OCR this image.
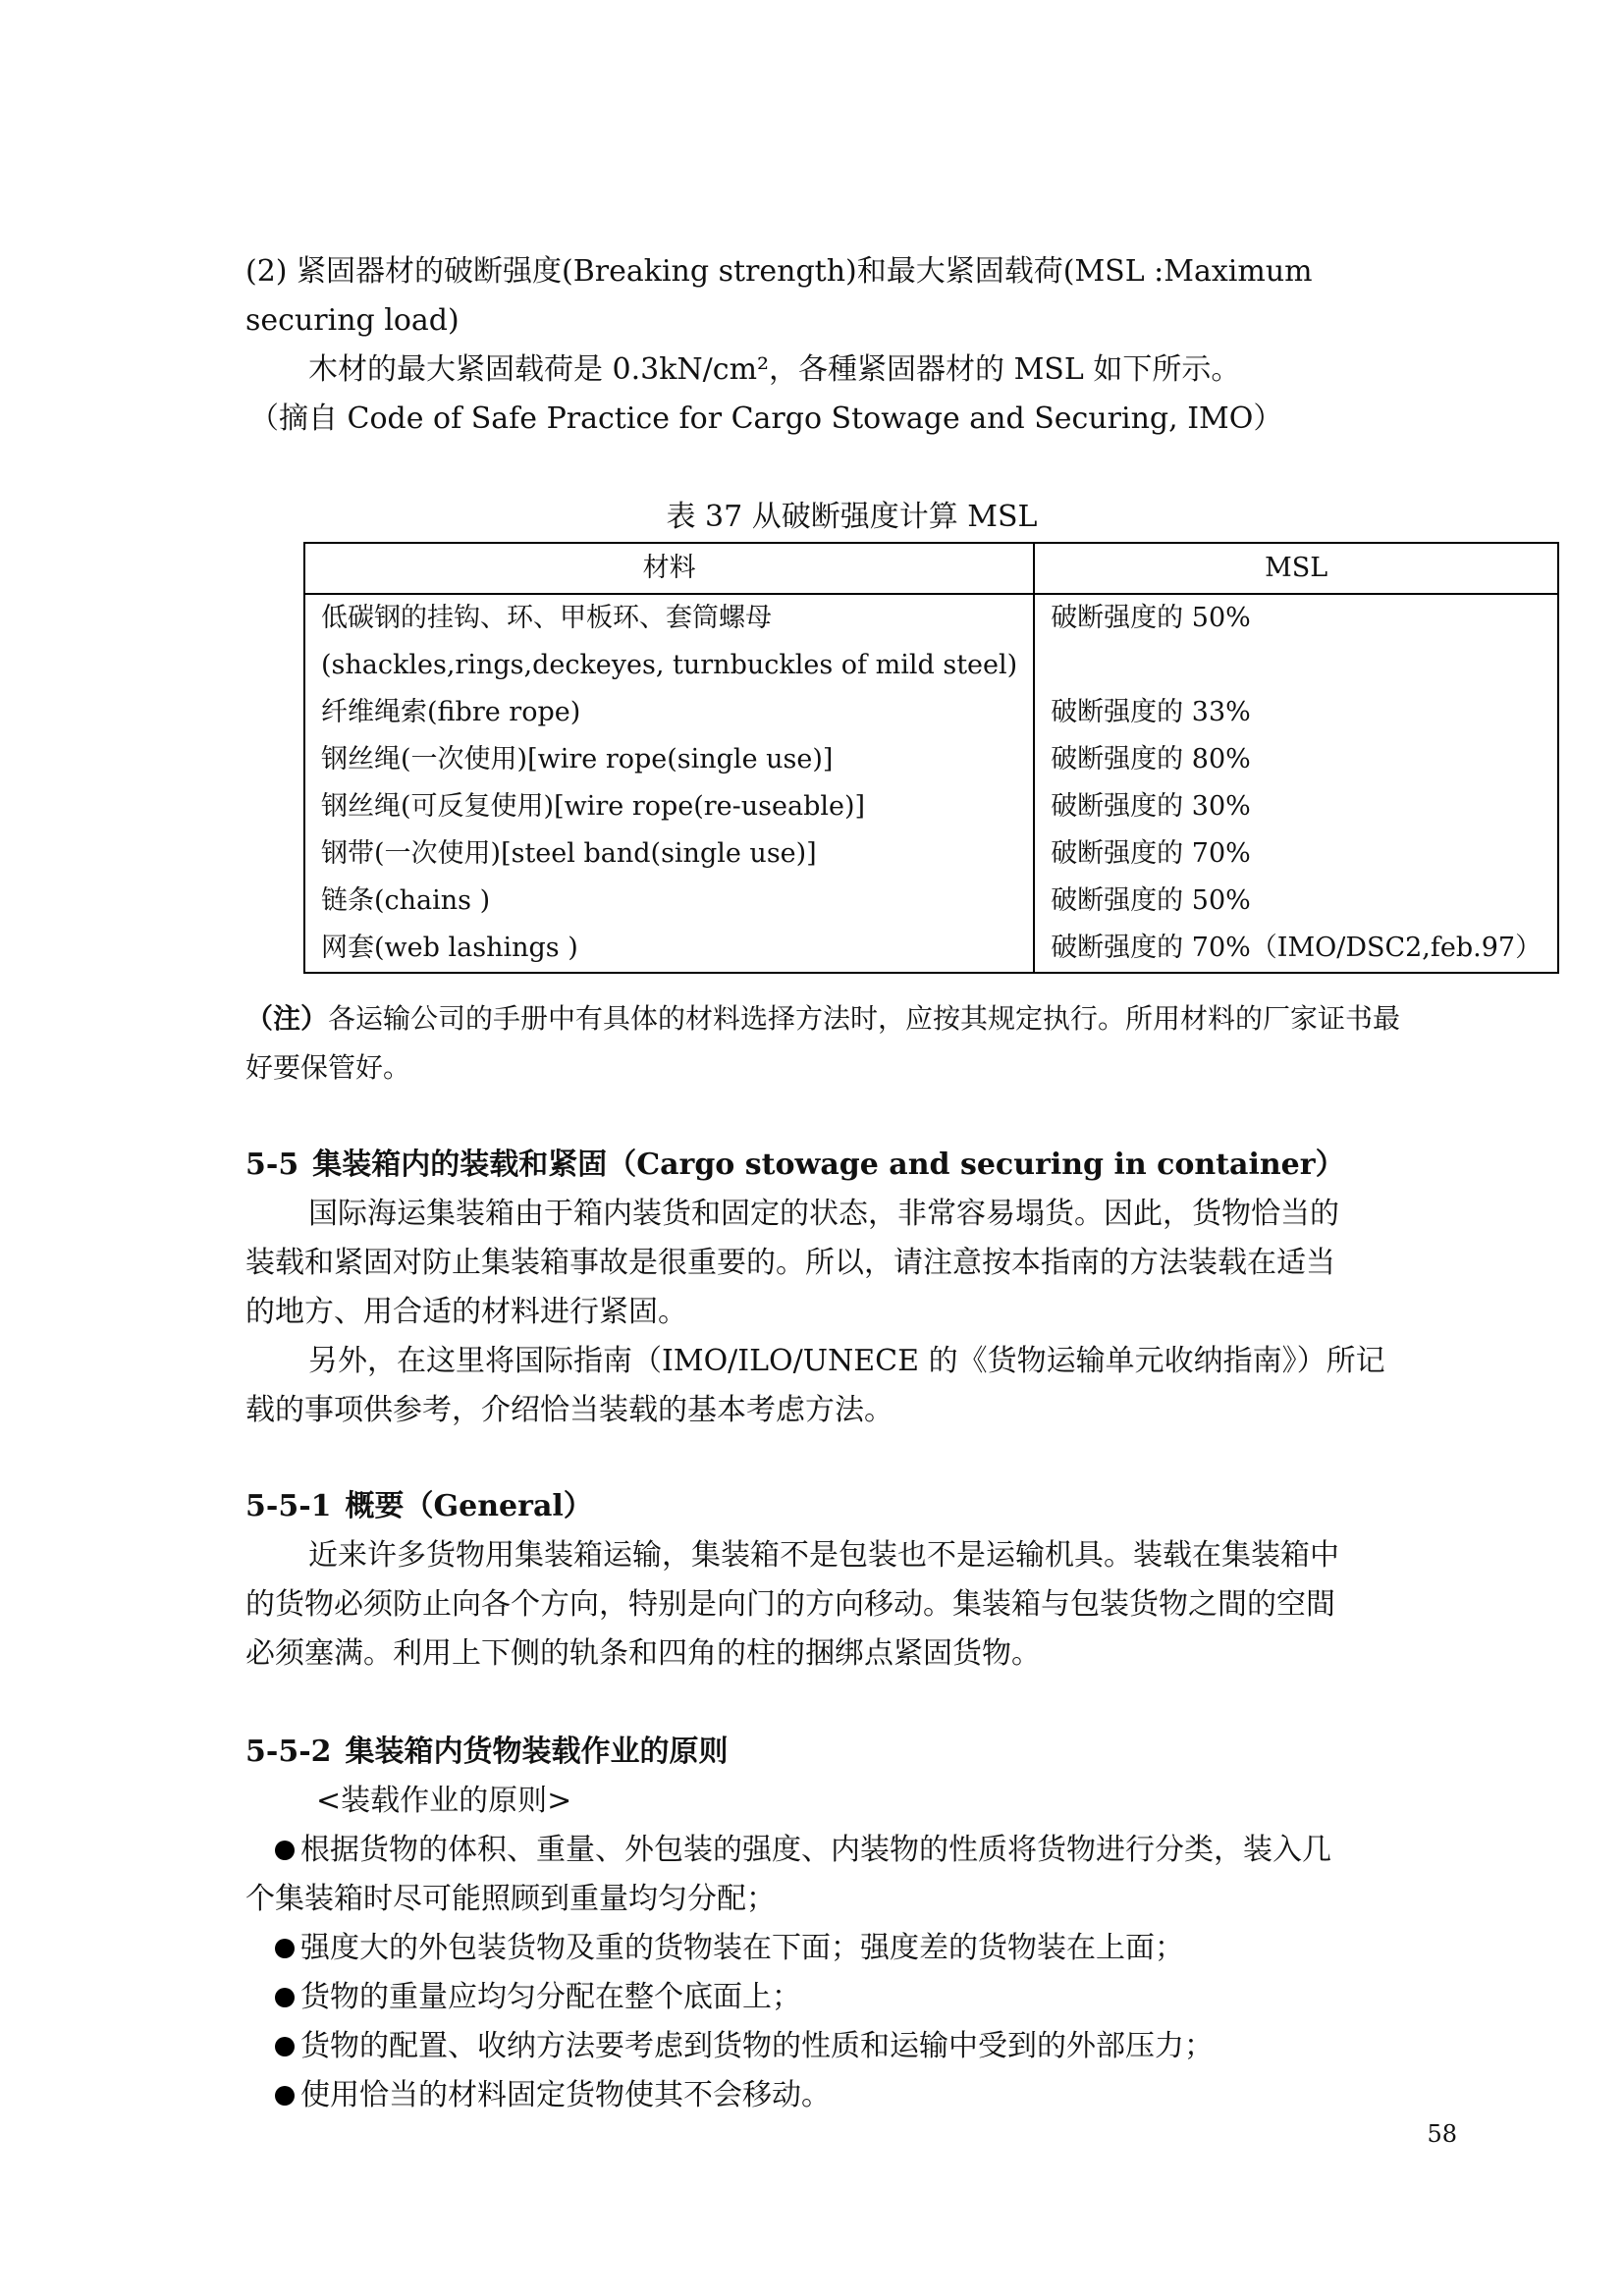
(2) 紧固器材的破断强度(Breaking strength)和最大紧固载荷(MSL :Maximum

securing load)

木材的最大紧固载荷是 0.3kN/cm²，各種紧固器材的 MSL 如下所示。

（摘自 Code of Safe Practice for Cargo Stowage and Securing, IMO）

表 37 从破断强度计算 MSL

材料	MSL
低碳钢的挂钩、环、甲板环、套筒螺母	破断强度的 50%
(shackles,rings,deckeyes, turnbuckles of mild steel)	
纤维绳索(fibre rope)	破断强度的 33%
钢丝绳(一次使用)[wire rope(single use)]	破断强度的 80%
钢丝绳(可反复使用)[wire rope(re-useable)]	破断强度的 30%
钢带(一次使用)[steel band(single use)]	破断强度的 70%
链条(chains )	破断强度的 50%
网套(web lashings )	破断强度的 70%（IMO/DSC2,feb.97）

（注）各运输公司的手册中有具体的材料选择方法时，应按其规定执行。所用材料的厂家证书最

好要保管好。

5-5 集装箱内的装载和紧固（Cargo stowage and securing in container）

国际海运集装箱由于箱内装货和固定的状态，非常容易塌货。因此，货物恰当的

装载和紧固对防止集装箱事故是很重要的。所以，请注意按本指南的方法装载在适当

的地方、用合适的材料进行紧固。

另外，在这里将国际指南（IMO/ILO/UNECE 的《货物运输单元收纳指南》）所记

载的事项供参考，介绍恰当装载的基本考虑方法。

5-5-1 概要（General）

近来许多货物用集装箱运输，集装箱不是包装也不是运输机具。装载在集装箱中

的货物必须防止向各个方向，特别是向门的方向移动。集装箱与包装货物之間的空間

必须塞满。利用上下侧的轨条和四角的柱的捆绑点紧固货物。

5-5-2 集装箱内货物装载作业的原则

<装载作业的原则>

根据货物的体积、重量、外包装的强度、内装物的性质将货物进行分类，装入几

个集装箱时尽可能照顾到重量均匀分配；

强度大的外包装货物及重的货物装在下面；强度差的货物装在上面；

货物的重量应均匀分配在整个底面上；

货物的配置、收纳方法要考虑到货物的性质和运输中受到的外部压力；

使用恰当的材料固定货物使其不会移动。

58
